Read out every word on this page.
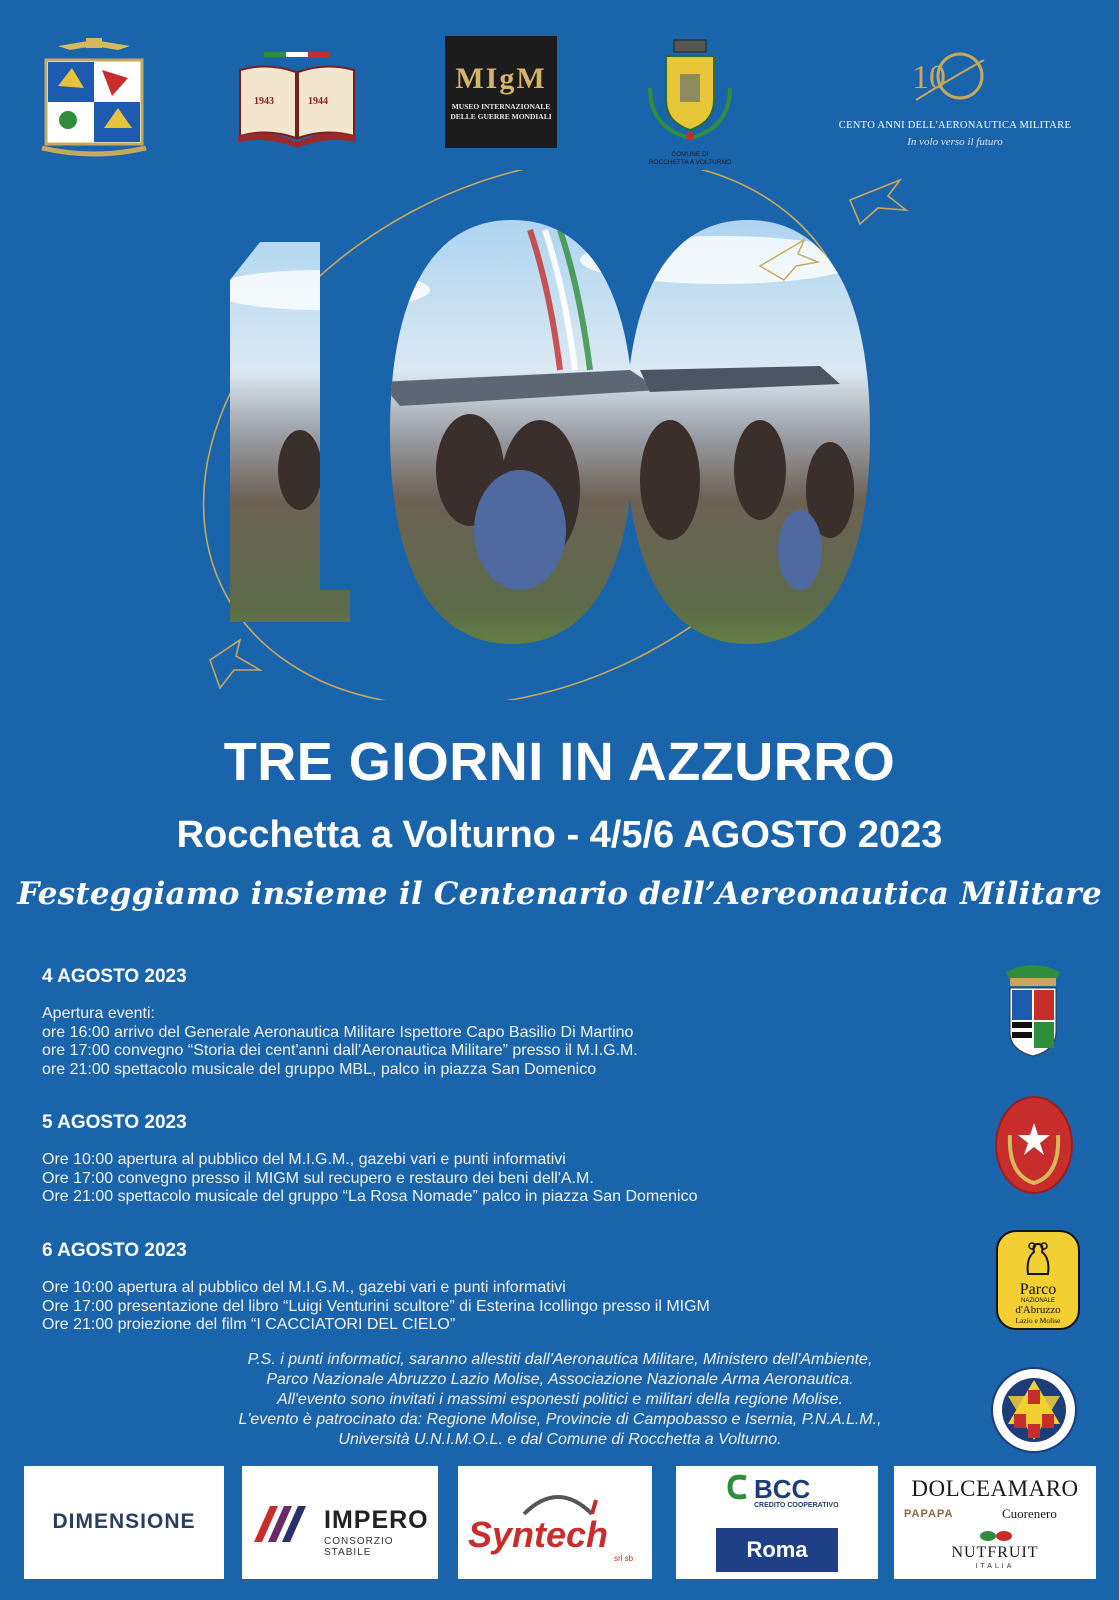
1943	1944
MIgM
MUSEO INTERNAZIONALE
DELLE GUERRE MONDIALI
COMUNE DI
ROCCHETTA A VOLTURNO
10
CENTO ANNI DELL'AERONAUTICA MILITARE
In volo verso il futuro
TRE GIORNI IN AZZURRO
Rocchetta a Volturno - 4/5/6 AGOSTO 2023
Festeggiamo insieme il Centenario dell’Aereonautica Militare
4 AGOSTO 2023
Apertura eventi:
ore 16:00 arrivo del Generale Aeronautica Militare Ispettore Capo Basilio Di Martino
ore 17:00 convegno “Storia dei cent'anni dall'Aeronautica Militare” presso il M.I.G.M.
ore 21:00 spettacolo musicale del gruppo MBL, palco in piazza San Domenico
5 AGOSTO 2023
Ore 10:00 apertura al pubblico del M.I.G.M., gazebi vari e punti informativi
Ore 17:00 convegno presso il MIGM sul recupero e restauro dei beni dell'A.M.
Ore 21:00 spettacolo musicale del gruppo “La Rosa Nomade” palco in piazza San Domenico
6 AGOSTO 2023
Ore 10:00 apertura al pubblico del M.I.G.M., gazebi vari e punti informativi
Ore 17:00 presentazione del libro “Luigi Venturini scultore” di Esterina Icollingo presso il MIGM
Ore 21:00 proiezione del film “I CACCIATORI DEL CIELO”
P.S. i punti informatici, saranno allestiti dall'Aeronautica Militare, Ministero dell'Ambiente,
Parco Nazionale Abruzzo Lazio Molise, Associazione Nazionale Arma Aeronautica.
All'evento sono invitati i massimi esponesti politici e militari della regione Molise.
L'evento è patrocinato da: Regione Molise, Provincie di Campobasso e Isernia, P.N.A.L.M.,
Università U.N.I.M.O.L. e dal Comune di Rocchetta a Volturno.
Parco
NAZIONALE
d'Abruzzo
Lazio e Molise
DIMENSIONE	IMPERO
CONSORZIO STABILE	Syntech
srl sb
BCC
CREDITO COOPERATIVO
Roma
DOLCEAMARO
PAPAPA	Cuorenero
NUTFRUIT
ITALIA
